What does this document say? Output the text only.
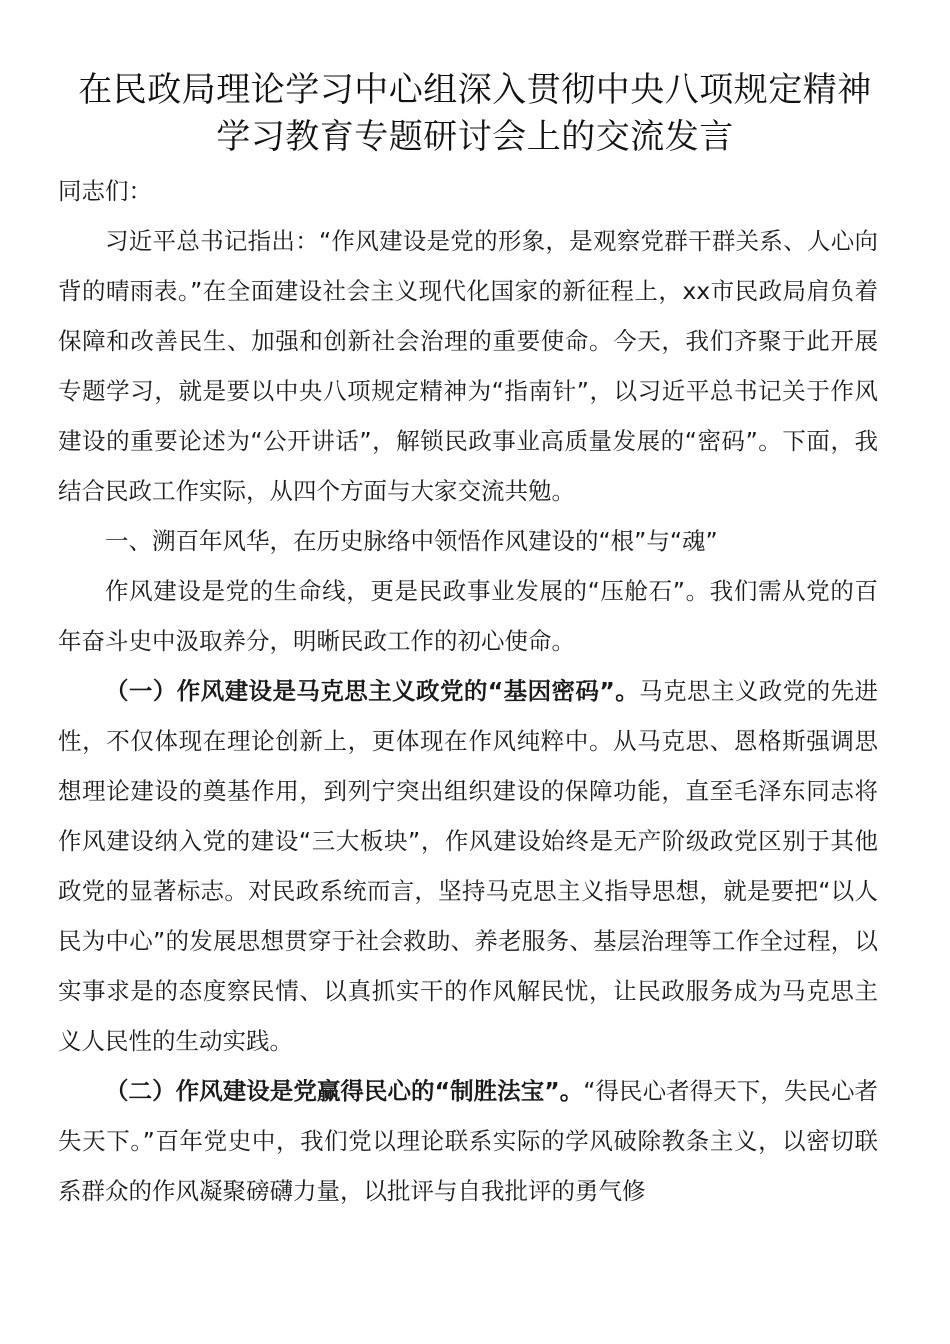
在民政局理论学习中心组深入贯彻中央八项规定精神
学习教育专题研讨会上的交流发言

同志们：

习近平总书记指出：“作风建设是党的形象，是观察党群干群关系、人心向背的晴雨表。”在全面建设社会主义现代化国家的新征程上，xx市民政局肩负着保障和改善民生、加强和创新社会治理的重要使命。今天，我们齐聚于此开展专题学习，就是要以中央八项规定精神为“指南针”，以习近平总书记关于作风建设的重要论述为“公开讲话”，解锁民政事业高质量发展的“密码”。下面，我结合民政工作实际，从四个方面与大家交流共勉。

一、溯百年风华，在历史脉络中领悟作风建设的“根”与“魂”

作风建设是党的生命线，更是民政事业发展的“压舱石”。我们需从党的百年奋斗史中汲取养分，明晰民政工作的初心使命。

（一）作风建设是马克思主义政党的“基因密码”。马克思主义政党的先进性，不仅体现在理论创新上，更体现在作风纯粹中。从马克思、恩格斯强调思想理论建设的奠基作用，到列宁突出组织建设的保障功能，直至毛泽东同志将作风建设纳入党的建设“三大板块”，作风建设始终是无产阶级政党区别于其他政党的显著标志。对民政系统而言，坚持马克思主义指导思想，就是要把“以人民为中心”的发展思想贯穿于社会救助、养老服务、基层治理等工作全过程，以实事求是的态度察民情、以真抓实干的作风解民忧，让民政服务成为马克思主义人民性的生动实践。

（二）作风建设是党赢得民心的“制胜法宝”。“得民心者得天下，失民心者失天下。”百年党史中，我们党以理论联系实际的学风破除教条主义，以密切联系群众的作风凝聚磅礴力量，以批评与自我批评的勇气修
